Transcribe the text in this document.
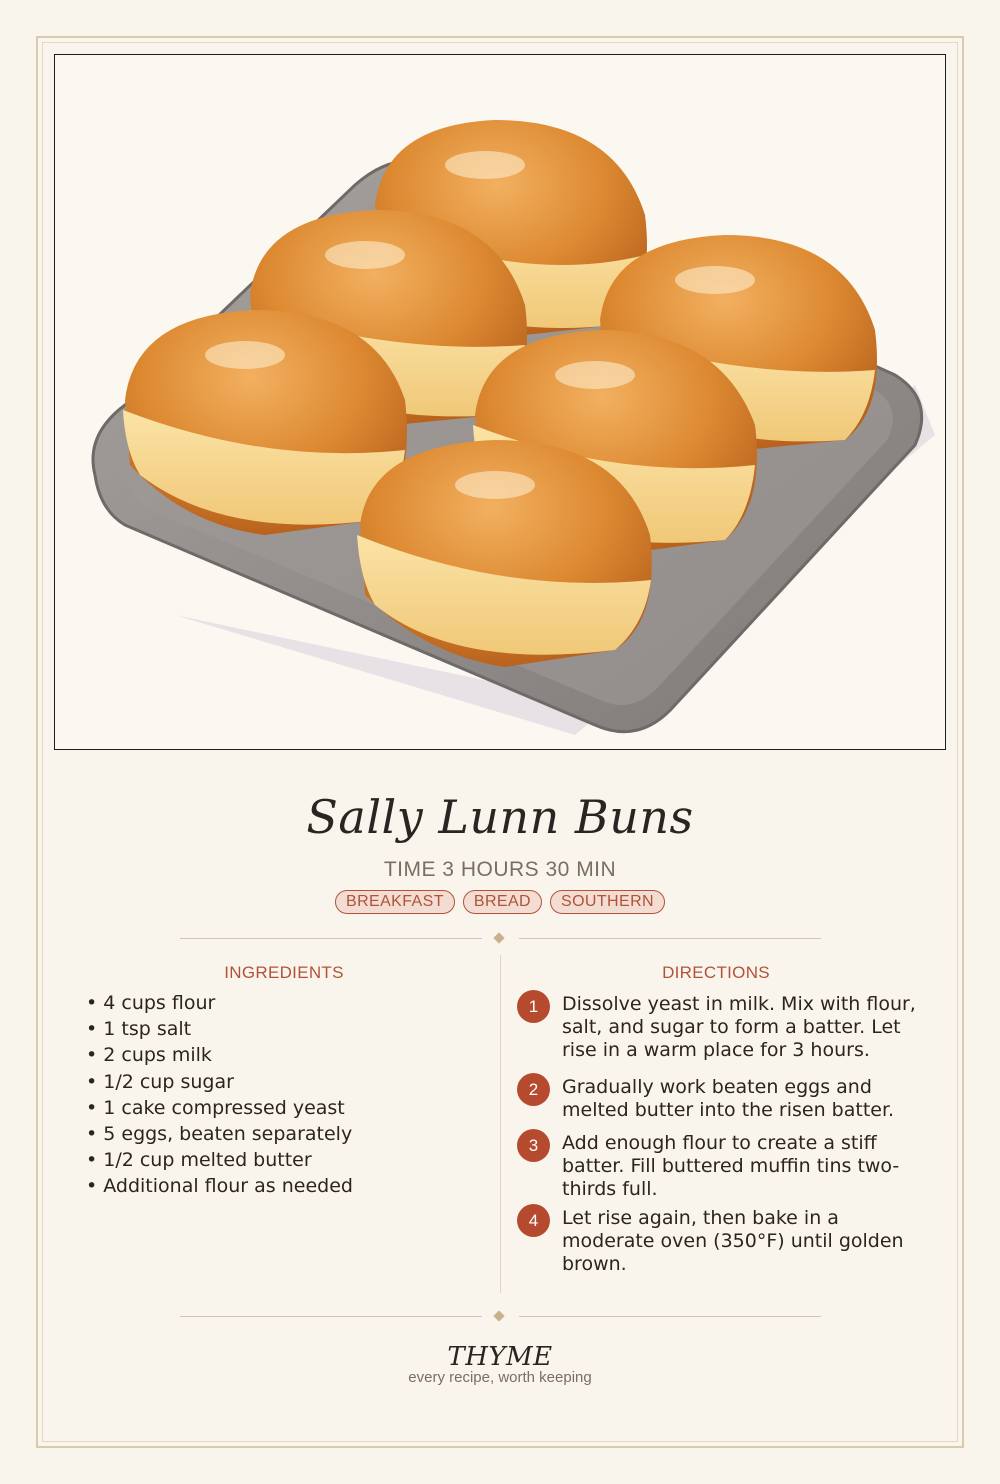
Sally Lunn Buns
TIME 3 HOURS 30 MIN
BREAKFAST	BREAD	SOUTHERN
INGREDIENTS	DIRECTIONS
• 4 cups flour
• 1 tsp salt
• 2 cups milk
• 1/2 cup sugar
• 1 cake compressed yeast
• 5 eggs, beaten separately
• 1/2 cup melted butter
• Additional flour as needed
1	Dissolve yeast in milk. Mix with flour, salt, and sugar to form a batter. Let rise in a warm place for 3 hours.
2	Gradually work beaten eggs and melted butter into the risen batter.
3	Add enough flour to create a stiff batter. Fill buttered muffin tins two-thirds full.
4	Let rise again, then bake in a moderate oven (350°F) until golden brown.
THYME
every recipe, worth keeping
